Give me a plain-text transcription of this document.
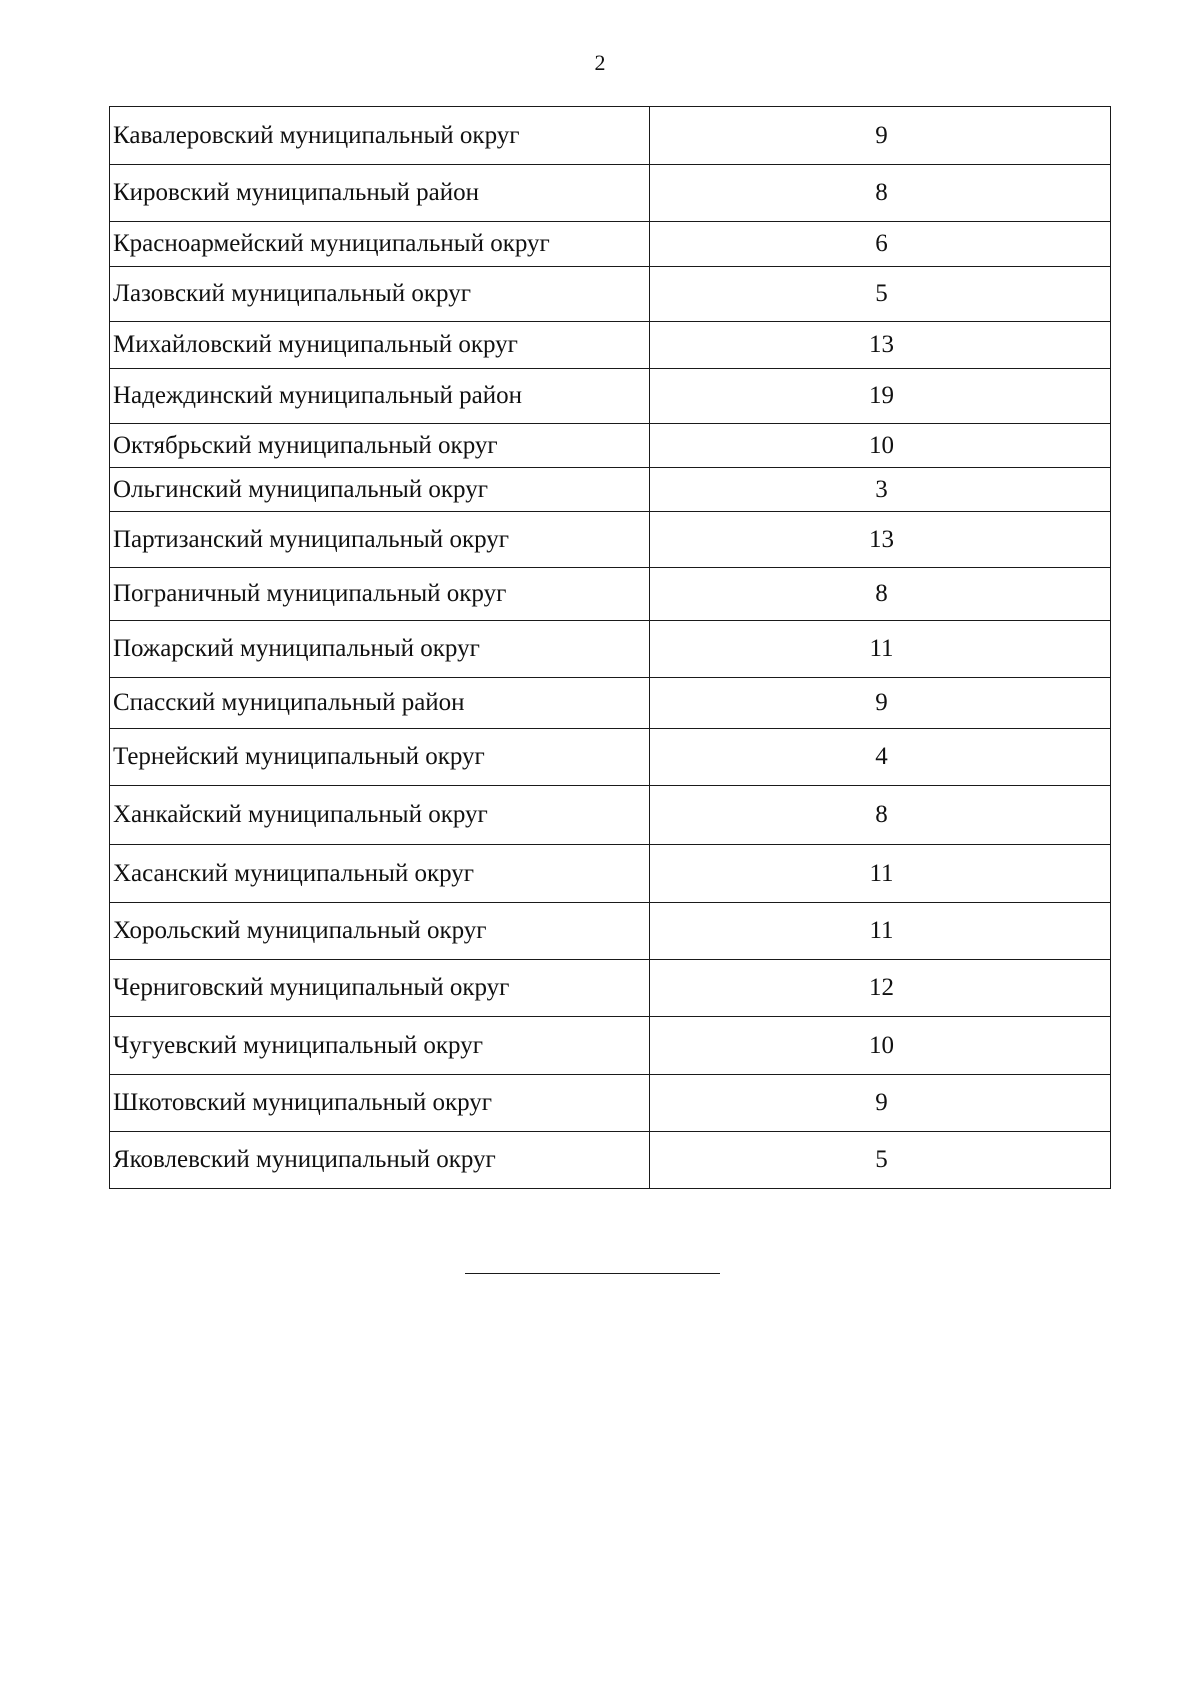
2
Кавалеровский муниципальный округ	9
Кировский муниципальный район	8
Красноармейский муниципальный округ	6
Лазовский муниципальный округ	5
Михайловский муниципальный округ	13
Надеждинский муниципальный район	19
Октябрьский муниципальный округ	10
Ольгинский муниципальный округ	3
Партизанский муниципальный округ	13
Пограничный муниципальный округ	8
Пожарский муниципальный округ	11
Спасский муниципальный район	9
Тернейский муниципальный округ	4
Ханкайский муниципальный округ	8
Хасанский муниципальный округ	11
Хорольский муниципальный округ	11
Черниговский муниципальный округ	12
Чугуевский муниципальный округ	10
Шкотовский муниципальный округ	9
Яковлевский муниципальный округ	5
